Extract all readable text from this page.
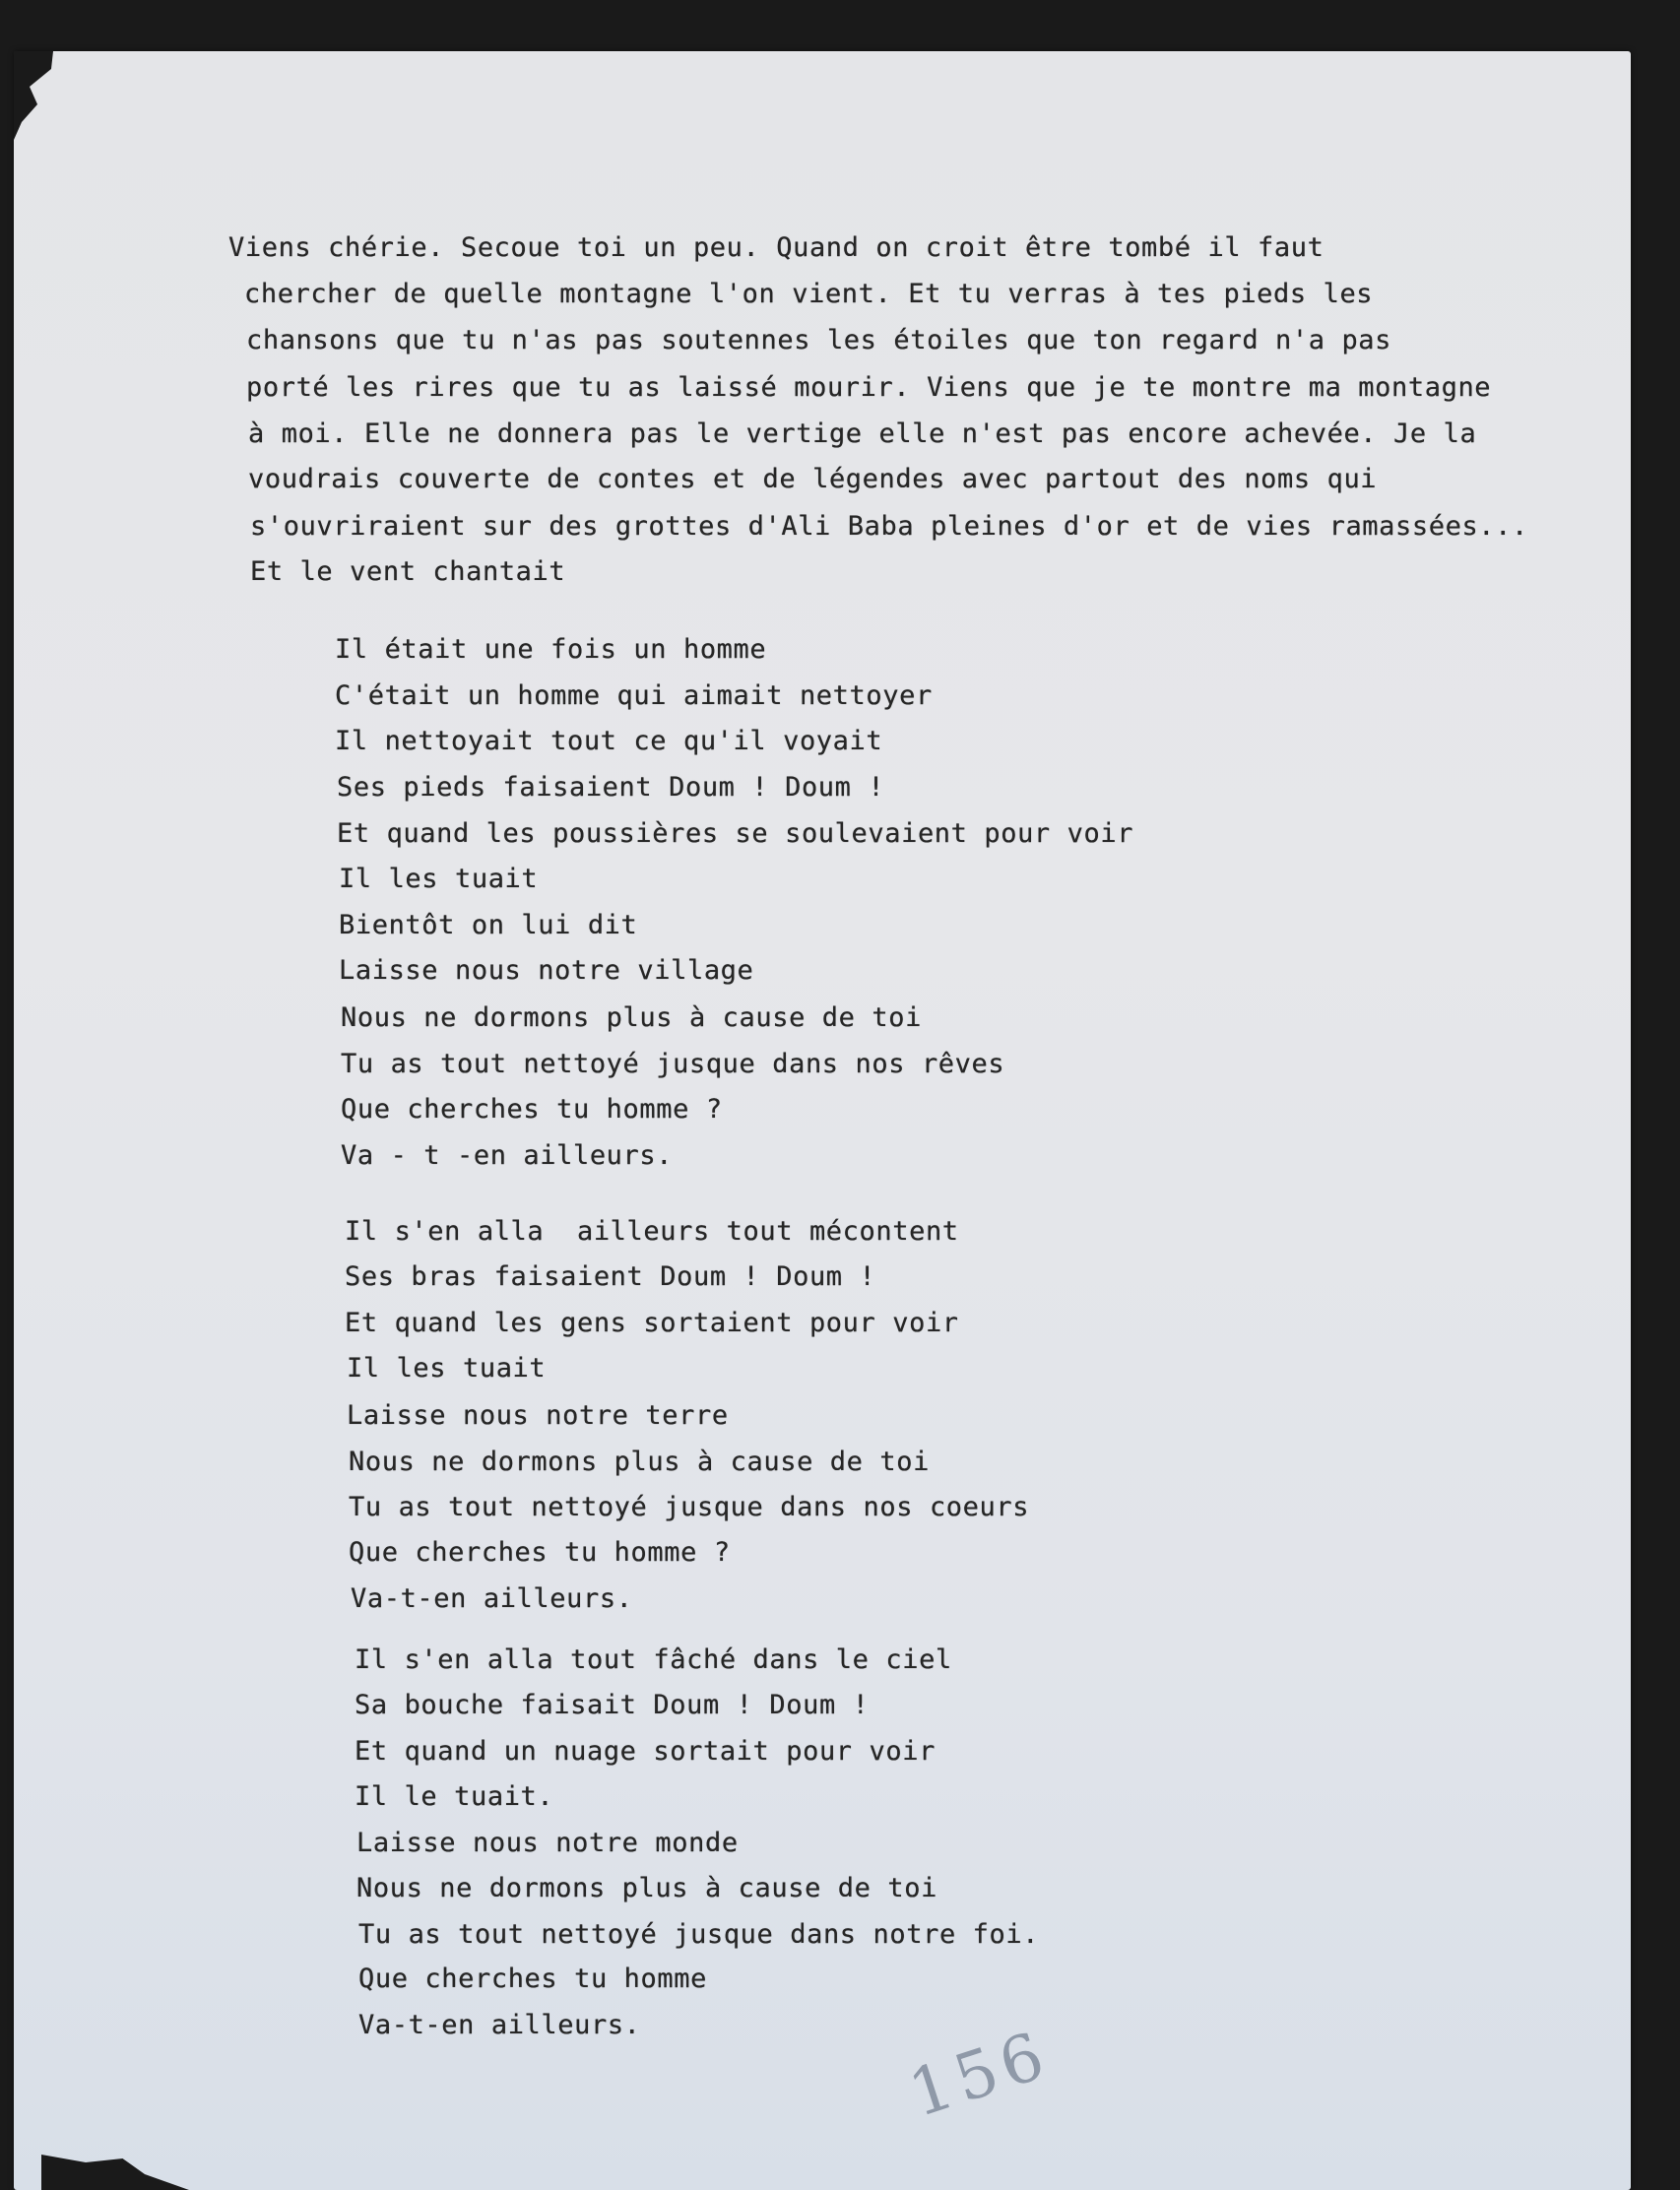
Viens chérie. Secoue toi un peu. Quand on croit être tombé il faut
chercher de quelle montagne l'on vient. Et tu verras à tes pieds les
chansons que tu n'as pas soutennes les étoiles que ton regard n'a pas
porté les rires que tu as laissé mourir. Viens que je te montre ma montagne
à moi. Elle ne donnera pas le vertige elle n'est pas encore achevée. Je la
voudrais couverte de contes et de légendes avec partout des noms qui
s'ouvriraient sur des grottes d'Ali Baba pleines d'or et de vies ramassées...
Et le vent chantait
Il était une fois un homme
C'était un homme qui aimait nettoyer
Il nettoyait tout ce qu'il voyait
Ses pieds faisaient Doum ! Doum !
Et quand les poussières se soulevaient pour voir
Il les tuait
Bientôt on lui dit
Laisse nous notre village
Nous ne dormons plus à cause de toi
Tu as tout nettoyé jusque dans nos rêves
Que cherches tu homme ?
Va - t -en ailleurs.
Il s'en alla  ailleurs tout mécontent
Ses bras faisaient Doum ! Doum !
Et quand les gens sortaient pour voir
Il les tuait
Laisse nous notre terre
Nous ne dormons plus à cause de toi
Tu as tout nettoyé jusque dans nos coeurs
Que cherches tu homme ?
Va-t-en ailleurs.
Il s'en alla tout fâché dans le ciel
Sa bouche faisait Doum ! Doum !
Et quand un nuage sortait pour voir
Il le tuait.
Laisse nous notre monde
Nous ne dormons plus à cause de toi
Tu as tout nettoyé jusque dans notre foi.
Que cherches tu homme
Va-t-en ailleurs.	156
